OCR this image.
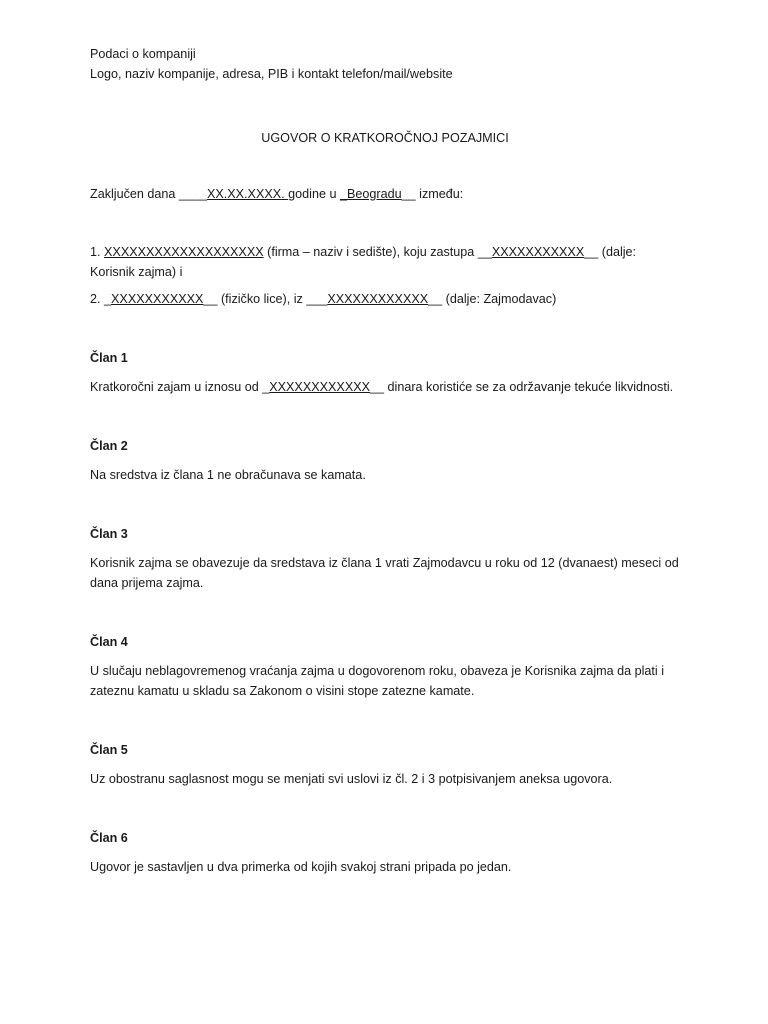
Podaci o kompaniji

Logo, naziv kompanije, adresa, PIB i kontakt telefon/mail/website

UGOVOR O KRATKOROČNOJ POZAJMICI

Zaključen dana ____XX.XX.XXXX. godine u _Beogradu__ između:

1. XXXXXXXXXXXXXXXXXXX (firma – naziv i sedište), koju zastupa __XXXXXXXXXXX__ (dalje: Korisnik zajma) i

2. _XXXXXXXXXXX__ (fizičko lice), iz ___XXXXXXXXXXXX__ (dalje: Zajmodavac)

Član 1

Kratkoročni zajam u iznosu od _XXXXXXXXXXXX__ dinara koristiće se za održavanje tekuće likvidnosti.

Član 2

Na sredstva iz člana 1 ne obračunava se kamata.

Član 3

Korisnik zajma se obavezuje da sredstava iz člana 1 vrati Zajmodavcu u roku od 12 (dvanaest) meseci od dana prijema zajma.

Član 4

U slučaju neblagovremenog vraćanja zajma u dogovorenom roku, obaveza je Korisnika zajma da plati i zateznu kamatu u skladu sa Zakonom o visini stope zatezne kamate.

Član 5

Uz obostranu saglasnost mogu se menjati svi uslovi iz čl. 2 i 3 potpisivanjem aneksa ugovora.

Član 6

Ugovor je sastavljen u dva primerka od kojih svakoj strani pripada po jedan.
